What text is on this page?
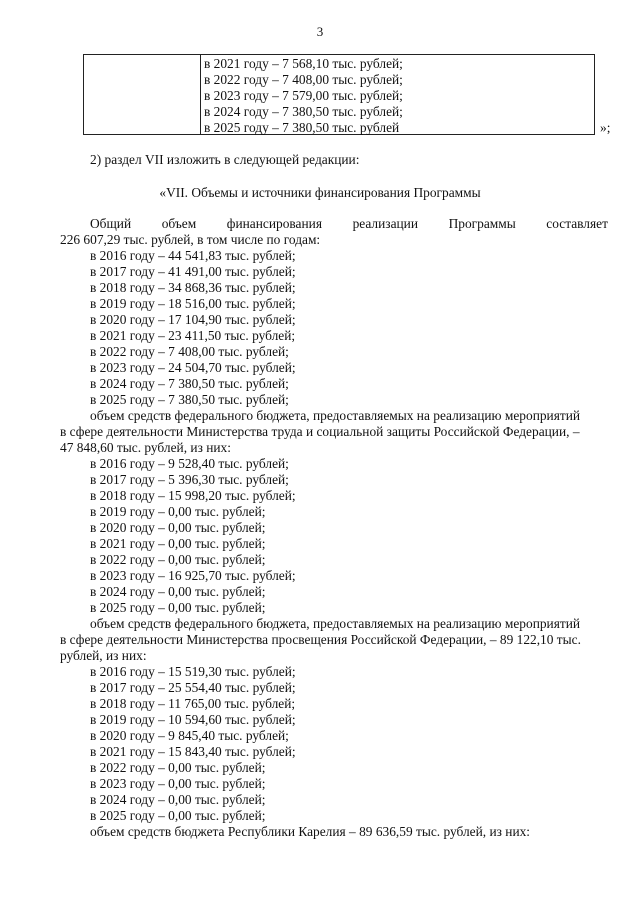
3
в 2021 году – 7 568,10 тыс. рублей;
в 2022 году – 7 408,00 тыс. рублей;
в 2023 году – 7 579,00 тыс. рублей;
в 2024 году – 7 380,50 тыс. рублей;
в 2025 году – 7 380,50 тыс. рублей	»;
2) раздел VII изложить в следующей редакции:
«VII. Объемы и источники финансирования Программы
Общий объем финансирования реализации Программы составляет
226 607,29 тыс. рублей, в том числе по годам:
в 2016 году – 44 541,83 тыс. рублей;
в 2017 году – 41 491,00 тыс. рублей;
в 2018 году – 34 868,36 тыс. рублей;
в 2019 году – 18 516,00 тыс. рублей;
в 2020 году – 17 104,90 тыс. рублей;
в 2021 году – 23 411,50 тыс. рублей;
в 2022 году – 7 408,00 тыс. рублей;
в 2023 году – 24 504,70 тыс. рублей;
в 2024 году – 7 380,50 тыс. рублей;
в 2025 году – 7 380,50 тыс. рублей;
объем средств федерального бюджета, предоставляемых на реализацию мероприятий
в сфере деятельности Министерства труда и социальной защиты Российской Федерации, –
47 848,60 тыс. рублей, из них:
в 2016 году – 9 528,40 тыс. рублей;
в 2017 году – 5 396,30 тыс. рублей;
в 2018 году – 15 998,20 тыс. рублей;
в 2019 году – 0,00 тыс. рублей;
в 2020 году – 0,00 тыс. рублей;
в 2021 году – 0,00 тыс. рублей;
в 2022 году – 0,00 тыс. рублей;
в 2023 году – 16 925,70 тыс. рублей;
в 2024 году – 0,00 тыс. рублей;
в 2025 году – 0,00 тыс. рублей;
объем средств федерального бюджета, предоставляемых на реализацию мероприятий
в сфере деятельности Министерства просвещения Российской Федерации, – 89 122,10 тыс.
рублей, из них:
в 2016 году – 15 519,30 тыс. рублей;
в 2017 году – 25 554,40 тыс. рублей;
в 2018 году – 11 765,00 тыс. рублей;
в 2019 году – 10 594,60 тыс. рублей;
в 2020 году – 9 845,40 тыс. рублей;
в 2021 году – 15 843,40 тыс. рублей;
в 2022 году – 0,00 тыс. рублей;
в 2023 году – 0,00 тыс. рублей;
в 2024 году – 0,00 тыс. рублей;
в 2025 году – 0,00 тыс. рублей;
объем средств бюджета Республики Карелия – 89 636,59 тыс. рублей, из них:
